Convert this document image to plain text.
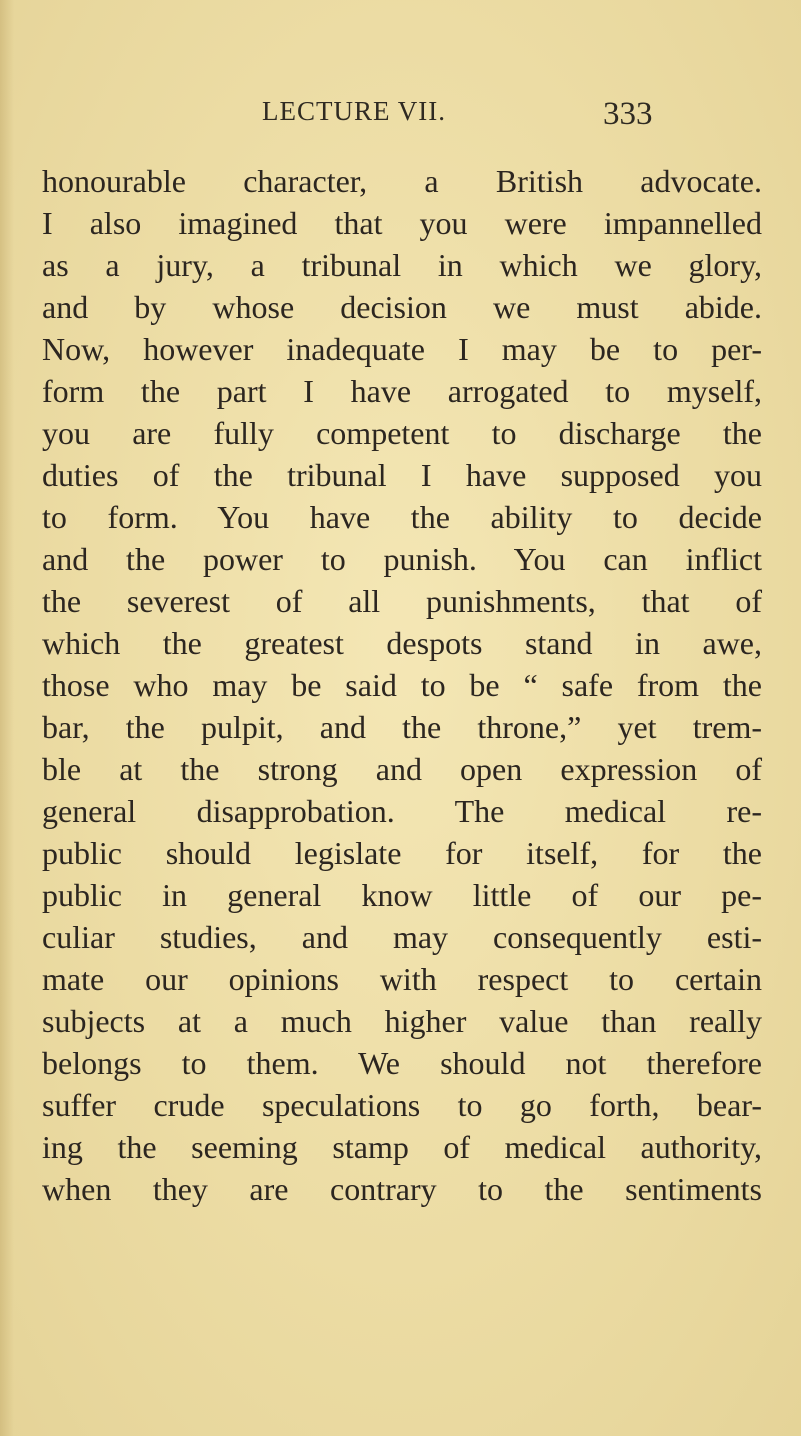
LECTURE VII.	333
honourable character, a British advocate.
I also imagined that you were impannelled
as a jury, a tribunal in which we glory,
and by whose decision we must abide.
Now, however inadequate I may be to per-
form the part I have arrogated to myself,
you are fully competent to discharge the
duties of the tribunal I have supposed you
to form. You have the ability to decide
and the power to punish. You can inflict
the severest of all punishments, that of
which the greatest despots stand in awe,
those who may be said to be “ safe from the
bar, the pulpit, and the throne,” yet trem-
ble at the strong and open expression of
general disapprobation. The medical re-
public should legislate for itself, for the
public in general know little of our pe-
culiar studies, and may consequently esti-
mate our opinions with respect to certain
subjects at a much higher value than really
belongs to them. We should not therefore
suffer crude speculations to go forth, bear-
ing the seeming stamp of medical authority,
when they are contrary to the sentiments
